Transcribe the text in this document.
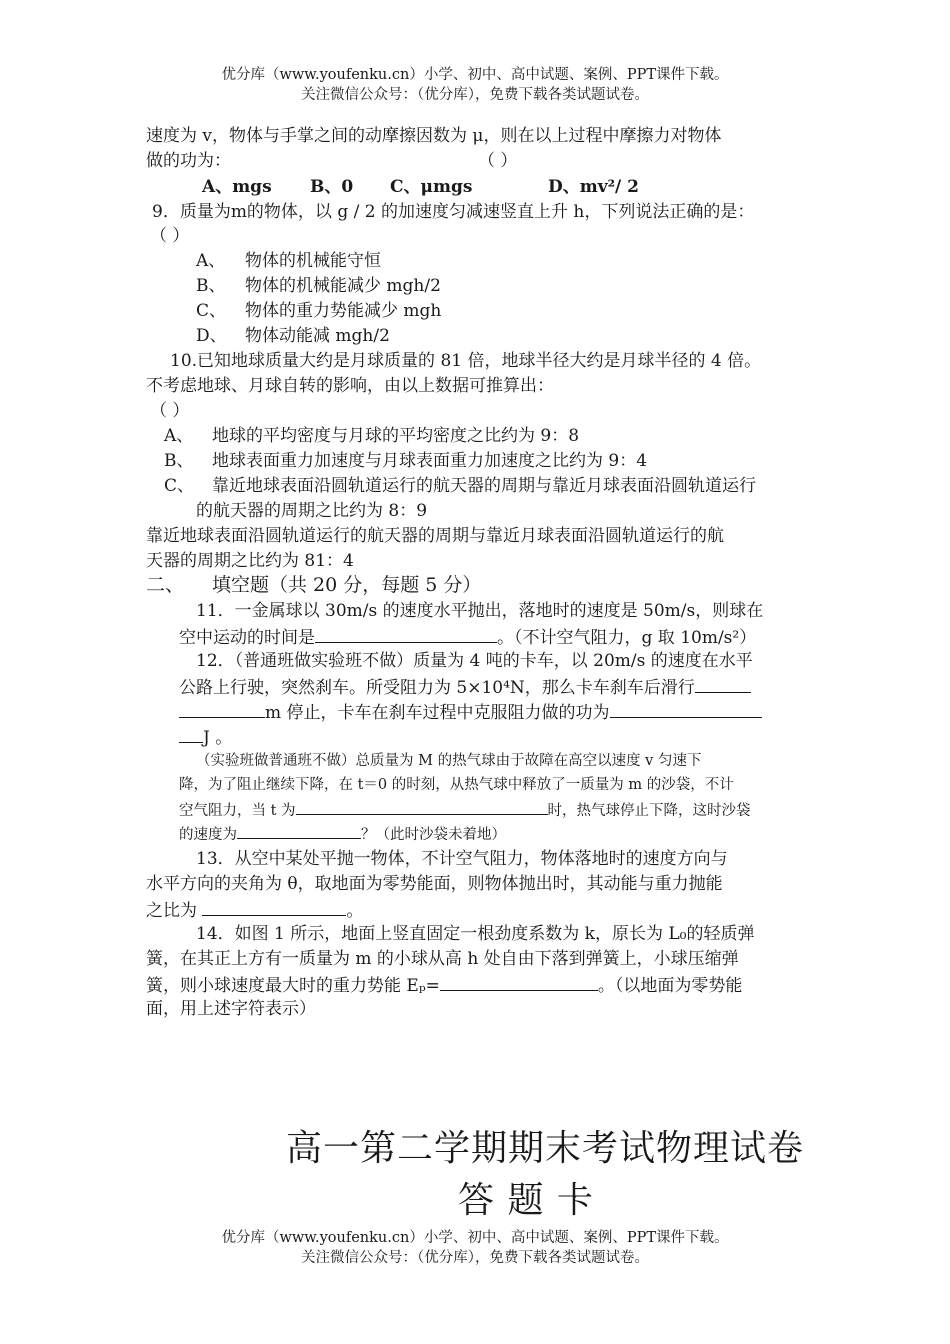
优分库（www.youfenku.cn）小学、初中、高中试题、案例、PPT课件下载。
关注微信公众号：（优分库），免费下载各类试题试卷。
速度为 v，物体与手掌之间的动摩擦因数为 μ，则在以上过程中摩擦力对物体
做的功为：	（ ）
A、mgs B、0 C、μmgs	D、mv²/ 2
9．质量为m的物体，以 g / 2 的加速度匀减速竖直上升 h，下列说法正确的是：
（ ）
A、 物体的机械能守恒
B、 物体的机械能减少 mgh/2
C、 物体的重力势能减少 mgh
D、 物体动能减 mgh/2
10.已知地球质量大约是月球质量的 81 倍，地球半径大约是月球半径的 4 倍。
不考虑地球、月球自转的影响，由以上数据可推算出：
（ ）
A、 地球的平均密度与月球的平均密度之比约为 9：8
B、 地球表面重力加速度与月球表面重力加速度之比约为 9：4
C、 靠近地球表面沿圆轨道运行的航天器的周期与靠近月球表面沿圆轨道运行
的航天器的周期之比约为 8：9
靠近地球表面沿圆轨道运行的航天器的周期与靠近月球表面沿圆轨道运行的航
天器的周期之比约为 81：4
二、 填空题（共 20 分，每题 5 分）
11．一金属球以 30m/s 的速度水平抛出，落地时的速度是 50m/s，则球在
空中运动的时间是	。（不计空气阻力，g 取 10m/s²）
12．（普通班做实验班不做）质量为 4 吨的卡车，以 20m/s 的速度在水平
公路上行驶，突然刹车。所受阻力为 5×10⁴N，那么卡车刹车后滑行
m 停止，卡车在刹车过程中克服阻力做的功为
J 。
（实验班做普通班不做）总质量为 M 的热气球由于故障在高空以速度 v 匀速下
降，为了阻止继续下降，在 t＝0 的时刻，从热气球中释放了一质量为 m 的沙袋，不计
空气阻力，当 t 为	时，热气球停止下降，这时沙袋
的速度为	？（此时沙袋未着地）
13．从空中某处平抛一物体，不计空气阻力，物体落地时的速度方向与
水平方向的夹角为 θ，取地面为零势能面，则物体抛出时，其动能与重力抛能
之比为	。
14．如图 1 所示，地面上竖直固定一根劲度系数为 k，原长为 L₀的轻质弹
簧，在其正上方有一质量为 m 的小球从高 h 处自由下落到弹簧上，小球压缩弹
簧，则小球速度最大时的重力势能 Eₚ=	。（以地面为零势能
面，用上述字符表示）
高一第二学期期末考试物理试卷
答 题 卡
优分库（www.youfenku.cn）小学、初中、高中试题、案例、PPT课件下载。
关注微信公众号：（优分库），免费下载各类试题试卷。
